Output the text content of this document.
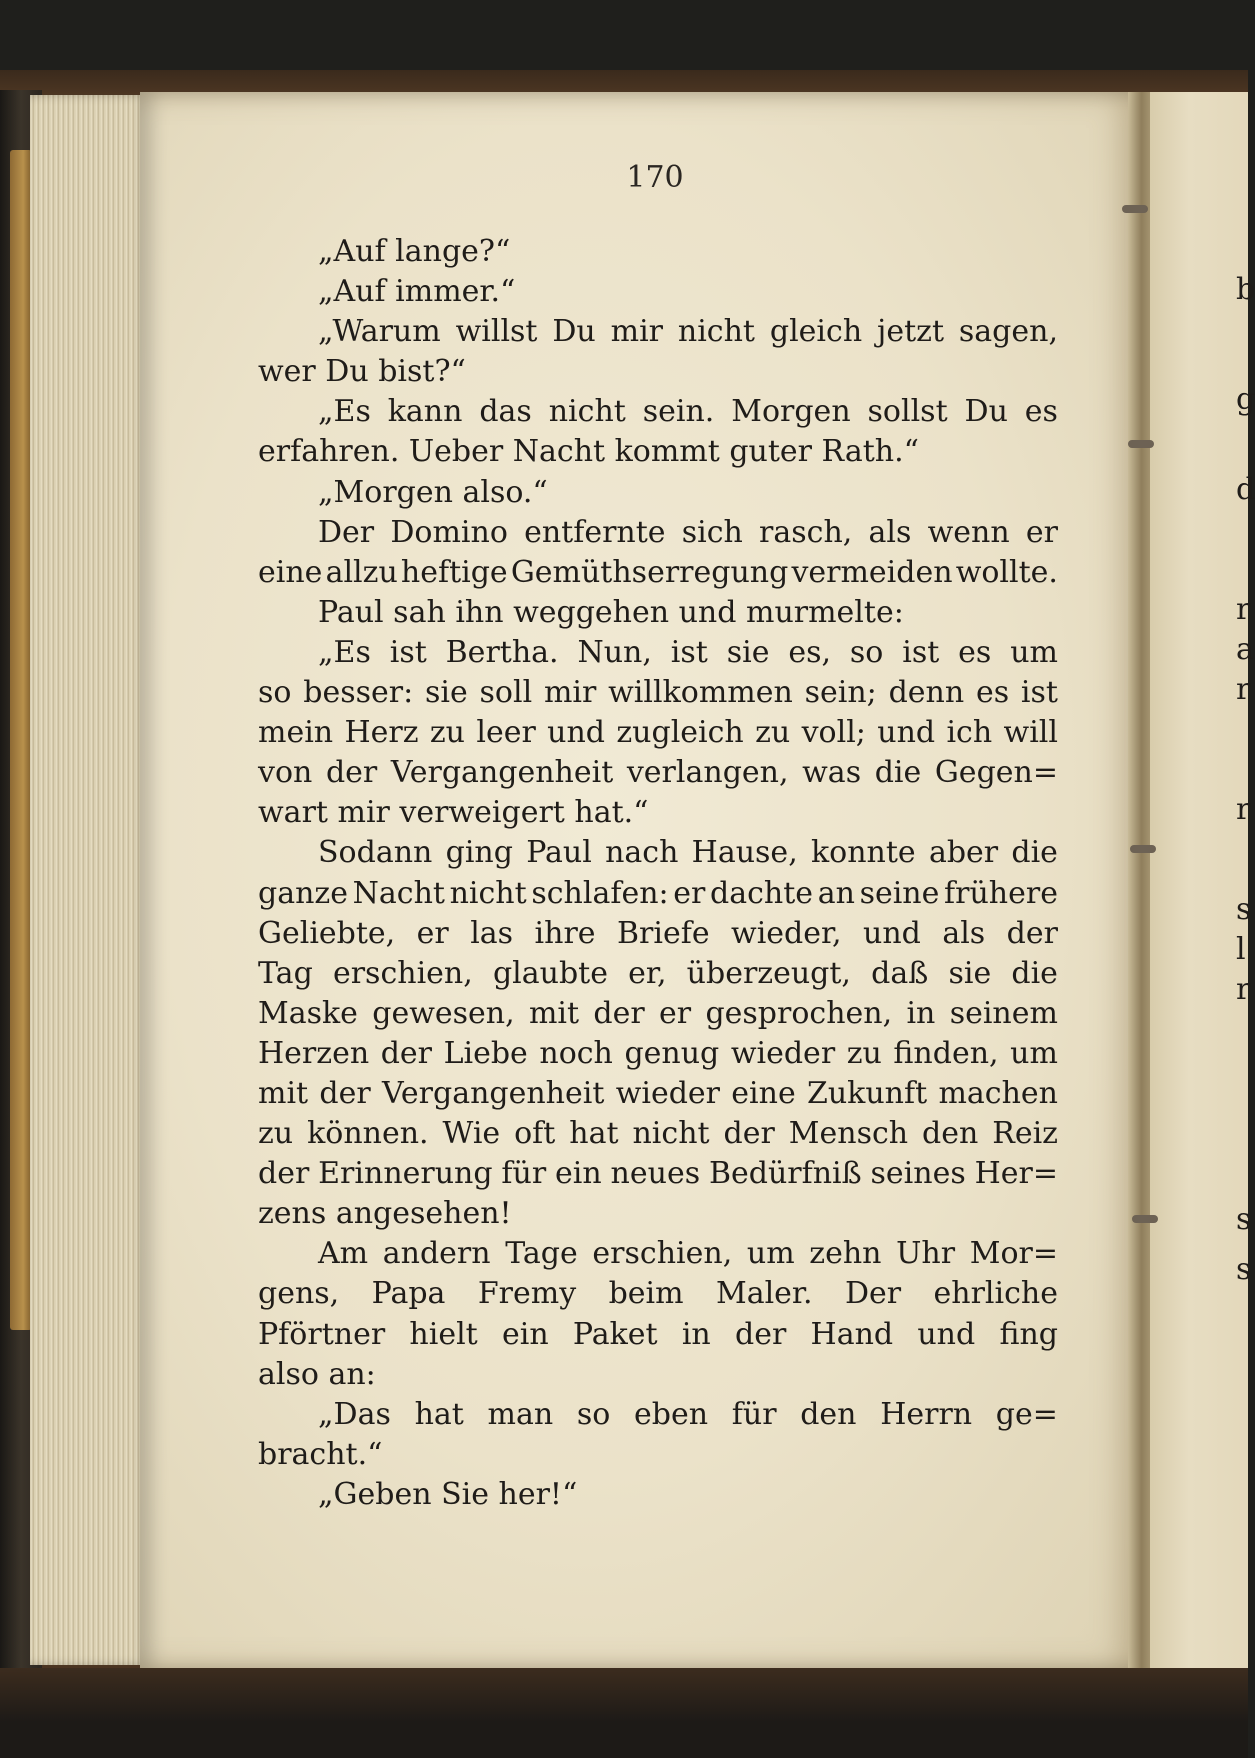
170
„Auf lange?“
„Auf immer.“
„Warum willst Du mir nicht gleich jetzt sagen,
wer Du bist?“
„Es kann das nicht sein. Morgen sollst Du es
erfahren. Ueber Nacht kommt guter Rath.“
„Morgen also.“
Der Domino entfernte sich rasch, als wenn er
eine allzu heftige Gemüthserregung vermeiden wollte.
Paul sah ihn weggehen und murmelte:
„Es ist Bertha. Nun, ist sie es, so ist es um
so besser: sie soll mir willkommen sein; denn es ist
mein Herz zu leer und zugleich zu voll; und ich will
von der Vergangenheit verlangen, was die Gegen=
wart mir verweigert hat.“
Sodann ging Paul nach Hause, konnte aber die
ganze Nacht nicht schlafen: er dachte an seine frühere
Geliebte, er las ihre Briefe wieder, und als der
Tag erschien, glaubte er, überzeugt, daß sie die
Maske gewesen, mit der er gesprochen, in seinem
Herzen der Liebe noch genug wieder zu finden, um
mit der Vergangenheit wieder eine Zukunft machen
zu können. Wie oft hat nicht der Mensch den Reiz
der Erinnerung für ein neues Bedürfniß seines Her=
zens angesehen!
Am andern Tage erschien, um zehn Uhr Mor=
gens, Papa Fremy beim Maler. Der ehrliche
Pförtner hielt ein Paket in der Hand und fing
also an:
„Das hat man so eben für den Herrn ge=
bracht.“
„Geben Sie her!“
b
g
d
r
a
r
r
s
l
r
s
s
